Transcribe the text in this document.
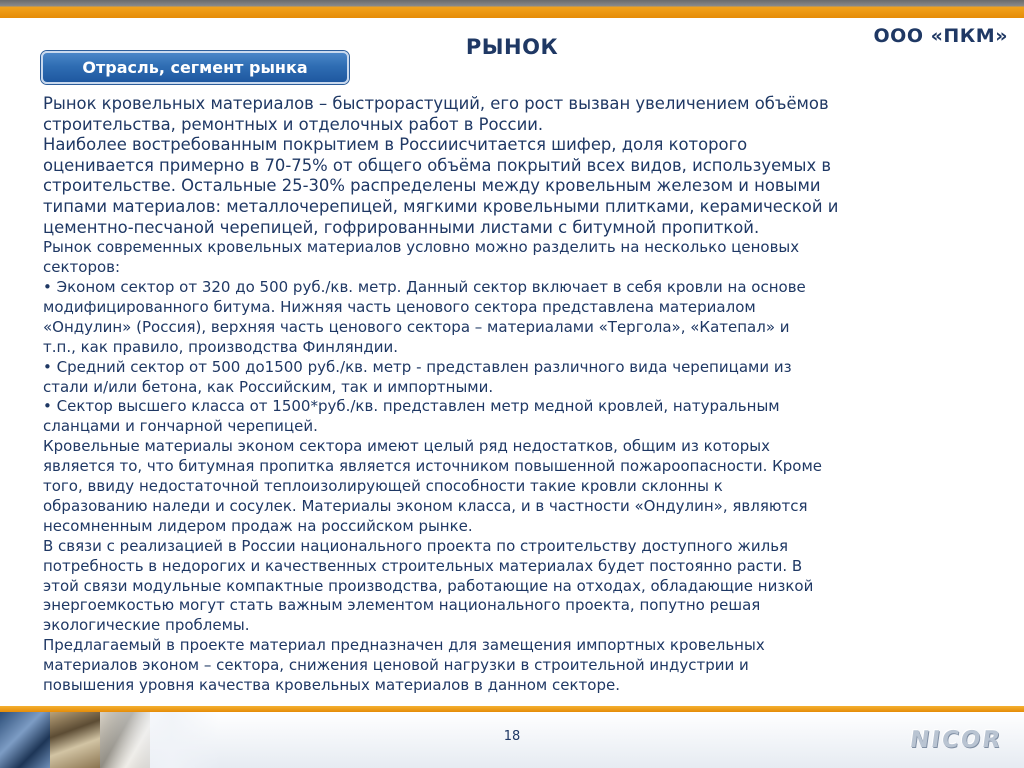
ООО «ПКМ»
РЫНОК
Отрасль, сегмент рынка

Рынок кровельных материалов – быстрорастущий, его рост вызван увеличением объёмов
строительства, ремонтных и отделочных работ в России.

Наиболее востребованным покрытием в Россиисчитается шифер, доля которого
оценивается примерно в 70-75% от общего объёма покрытий всех видов, используемых в
строительстве. Остальные 25-30% распределены между кровельным железом и новыми
типами материалов: металлочерепицей, мягкими кровельными плитками, керамической и
цементно-песчаной черепицей, гофрированными листами с битумной пропиткой.

Рынок современных кровельных материалов условно можно разделить на несколько ценовых
секторов:

• Эконом сектор от 320 до 500 руб./кв. метр. Данный сектор включает в себя кровли на основе
модифицированного битума. Нижняя часть ценового сектора представлена материалом
«Ондулин» (Россия), верхняя часть ценового сектора – материалами «Тергола», «Катепал» и
т.п., как правило, производства Финляндии.

• Средний сектор от 500 до1500 руб./кв. метр - представлен различного вида черепицами из
стали и/или бетона, как Российским, так и импортными.

• Сектор высшего класса от 1500*руб./кв. представлен метр медной кровлей, натуральным
сланцами и гончарной черепицей.

Кровельные материалы эконом сектора имеют целый ряд недостатков, общим из которых
является то, что битумная пропитка является источником повышенной пожароопасности. Кроме
того, ввиду недостаточной теплоизолирующей способности такие кровли склонны к
образованию наледи и сосулек. Материалы эконом класса, и в частности «Ондулин», являются
несомненным лидером продаж на российском рынке.

В связи с реализацией в России национального проекта по строительству доступного жилья
потребность в недорогих и качественных строительных материалах будет постоянно расти. В
этой связи модульные компактные производства, работающие на отходах, обладающие низкой
энергоемкостью могут стать важным элементом национального проекта, попутно решая
экологические проблемы.

Предлагаемый в проекте материал предназначен для замещения импортных кровельных
материалов эконом – сектора, снижения ценовой нагрузки в строительной индустрии и
повышения уровня качества кровельных материалов в данном секторе.

18	NICOR
